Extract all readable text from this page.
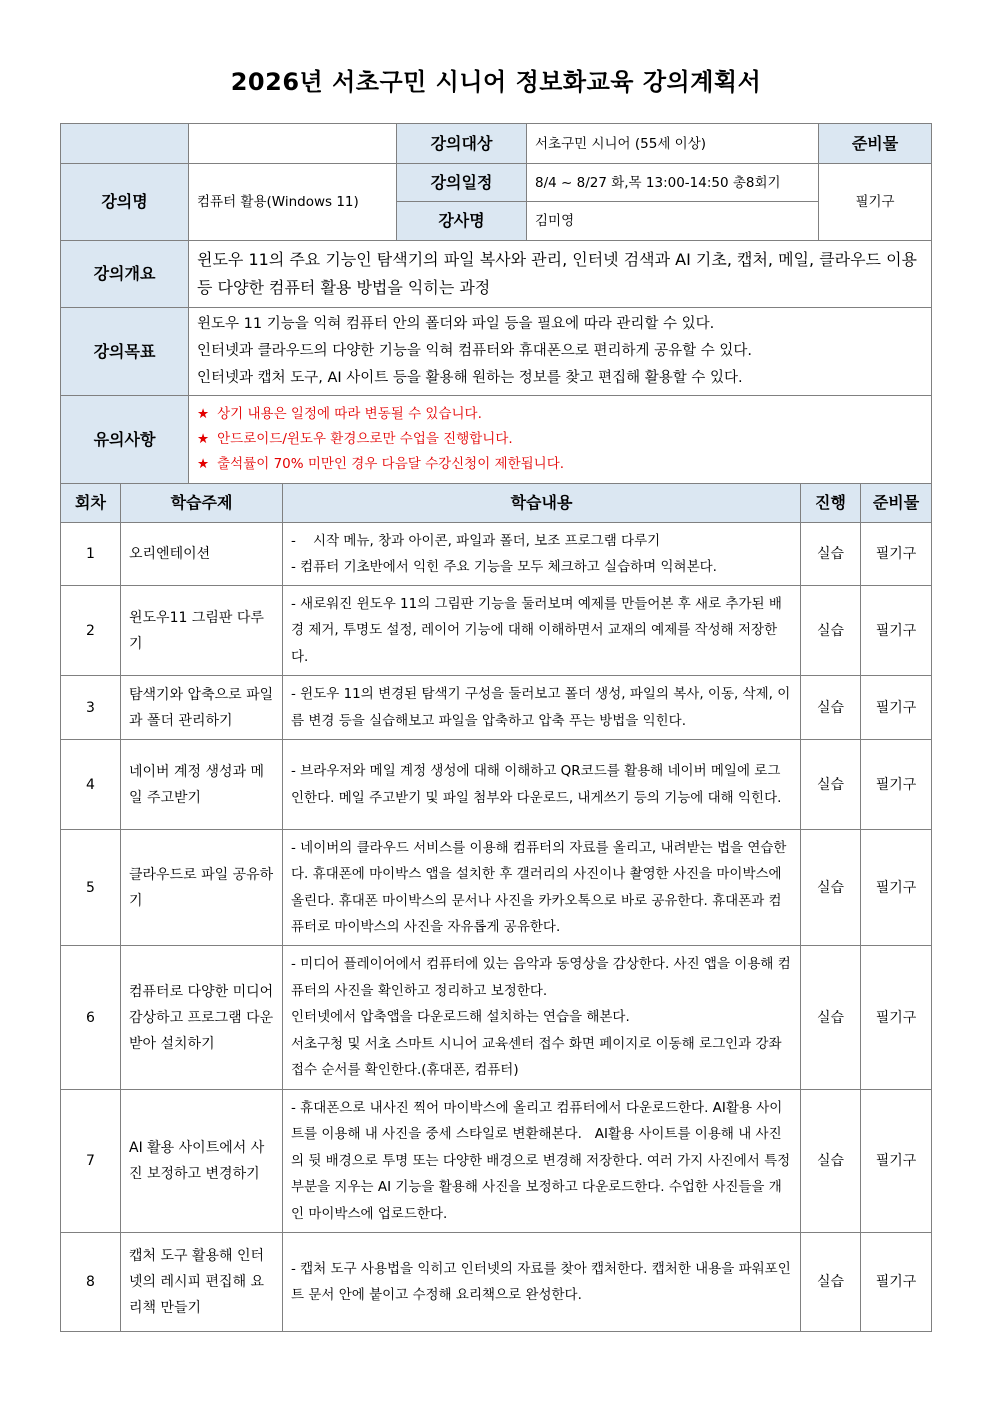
2026년 서초구민 시니어 정보화교육 강의계획서
		강의대상	서초구민 시니어 (55세 이상)	준비물
강의명	컴퓨터 활용(Windows 11)	강의일정	8/4 ~ 8/27 화,목 13:00-14:50 총8회기	필기구
		강사명	김미영	
강의개요	윈도우 11의 주요 기능인 탐색기의 파일 복사와 관리, 인터넷 검색과 AI 기초, 캡처, 메일, 클라우드 이용 등 다양한 컴퓨터 활용 방법을 익히는 과정			
강의목표	윈도우 11 기능을 익혀 컴퓨터 안의 폴더와 파일 등을 필요에 따라 관리할 수 있다.
인터넷과 클라우드의 다양한 기능을 익혀 컴퓨터와 휴대폰으로 편리하게 공유할 수 있다.
인터넷과 캡처 도구, AI 사이트 등을 활용해 원하는 정보를 찾고 편집해 활용할 수 있다.			

유의사항	★ 상기 내용은 일정에 따라 변동될 수 있습니다.
★ 안드로이드/윈도우 환경으로만 수업을 진행합니다.
★ 출석률이 70% 미만인 경우 다음달 수강신청이 제한됩니다.			
회차	학습주제	학습내용	진행	준비물
1	오리엔테이션	-    시작 메뉴, 창과 아이콘, 파일과 폴더, 보조 프로그램 다루기
- 컴퓨터 기초반에서 익힌 주요 기능을 모두 체크하고 실습하며 익혀본다.	실습	필기구
2	윈도우11 그림판 다루기	- 새로워진 윈도우 11의 그림판 기능을 둘러보며 예제를 만들어본 후 새로 추가된 배경 제거, 투명도 설정, 레이어 기능에 대해 이해하면서 교재의 예제를 작성해 저장한다.	실습	필기구
3	탐색기와 압축으로 파일과 폴더 관리하기	- 윈도우 11의 변경된 탐색기 구성을 둘러보고 폴더 생성, 파일의 복사, 이동, 삭제, 이름 변경 등을 실습해보고 파일을 압축하고 압축 푸는 방법을 익힌다.	실습	필기구
4	네이버 계정 생성과 메일 주고받기	- 브라우저와 메일 계정 생성에 대해 이해하고 QR코드를 활용해 네이버 메일에 로그인한다. 메일 주고받기 및 파일 첨부와 다운로드, 내게쓰기 등의 기능에 대해 익힌다.	실습	필기구
5	클라우드로 파일 공유하기	- 네이버의 클라우드 서비스를 이용해 컴퓨터의 자료를 올리고, 내려받는 법을 연습한다. 휴대폰에 마이박스 앱을 설치한 후 갤러리의 사진이나 촬영한 사진을 마이박스에 올린다. 휴대폰 마이박스의 문서나 사진을 카카오톡으로 바로 공유한다. 휴대폰과 컴퓨터로 마이박스의 사진을 자유롭게 공유한다.	실습	필기구
6	컴퓨터로 다양한 미디어 감상하고 프로그램 다운받아 설치하기	- 미디어 플레이어에서 컴퓨터에 있는 음악과 동영상을 감상한다. 사진 앱을 이용해 컴퓨터의 사진을 확인하고 정리하고 보정한다.
인터넷에서 압축앱을 다운로드해 설치하는 연습을 해본다.
서초구청 및 서초 스마트 시니어 교육센터 접수 화면 페이지로 이동해 로그인과 강좌 접수 순서를 확인한다.(휴대폰, 컴퓨터)	실습	필기구
7	AI 활용 사이트에서 사진 보정하고 변경하기	- 휴대폰으로 내사진 찍어 마이박스에 올리고 컴퓨터에서 다운로드한다. AI활용 사이트를 이용해 내 사진을 중세 스타일로 변환해본다.   AI활용 사이트를 이용해 내 사진의 뒷 배경으로 투명 또는 다양한 배경으로 변경해 저장한다. 여러 가지 사진에서 특정 부분을 지우는 AI 기능을 활용해 사진을 보정하고 다운로드한다. 수업한 사진들을 개인 마이박스에 업로드한다.	실습	필기구
8	캡처 도구 활용해 인터넷의 레시피 편집해 요리책 만들기	- 캡처 도구 사용법을 익히고 인터넷의 자료를 찾아 캡처한다. 캡처한 내용을 파워포인트 문서 안에 붙이고 수정해 요리책으로 완성한다.	실습	필기구
